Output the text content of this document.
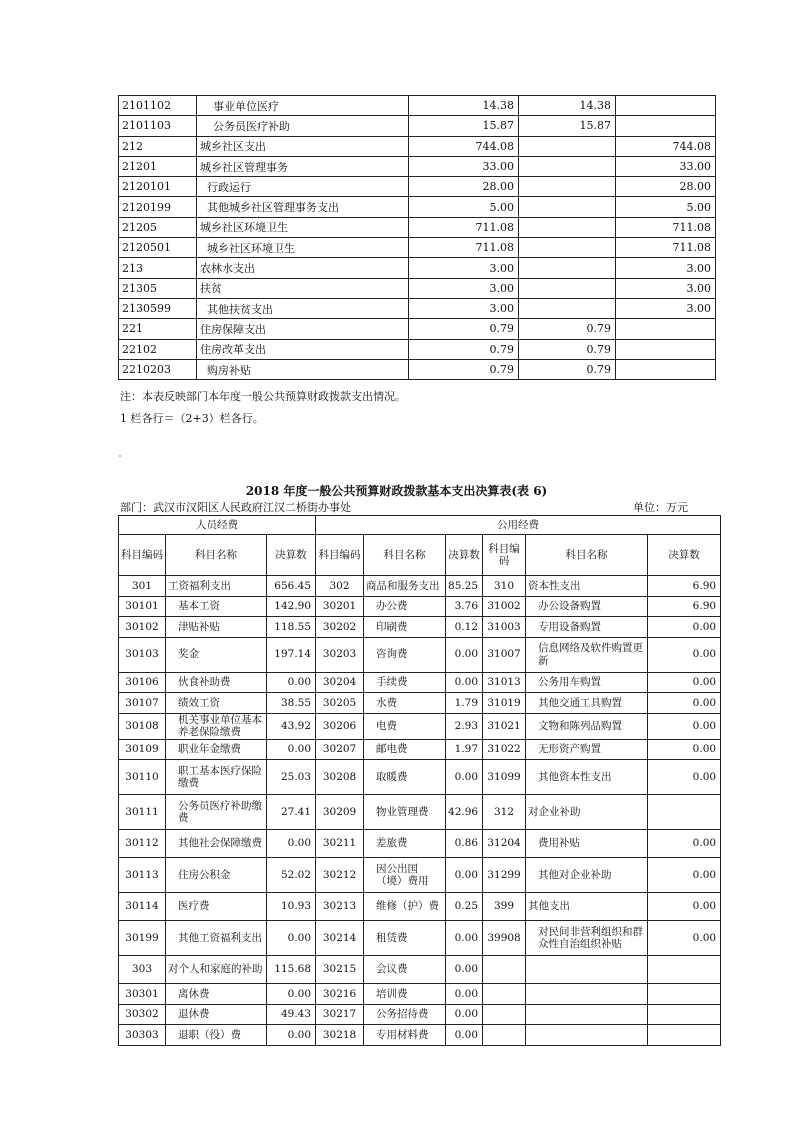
2101102	事业单位医疗	14.38	14.38	
2101103	公务员医疗补助	15.87	15.87	
212	城乡社区支出	744.08		744.08
21201	城乡社区管理事务	33.00		33.00
2120101	行政运行	28.00		28.00
2120199	其他城乡社区管理事务支出	5.00		5.00
21205	城乡社区环境卫生	711.08		711.08
2120501	城乡社区环境卫生	711.08		711.08
213	农林水支出	3.00		3.00
21305	扶贫	3.00		3.00
2130599	其他扶贫支出	3.00		3.00
221	住房保障支出	0.79	0.79	
22102	住房改革支出	0.79	0.79	
2210203	购房补贴	0.79	0.79	
注：本表反映部门本年度一般公共预算财政拨款支出情况。
1 栏各行＝（2+3）栏各行。
2018 年度一般公共预算财政拨款基本支出决算表(表 6)
部门：武汉市汉阳区人民政府江汉二桥街办事处	单位：万元
人员经费			公用经费					
科目编码	科目名称	决算数	科目编码	科目名称	决算数	科目编码	科目名称	决算数
301	工资福利支出	656.45	302	商品和服务支出	85.25	310	资本性支出	6.90
30101	基本工资	142.90	30201	办公费	3.76	31002	办公设备购置	6.90
30102	津贴补贴	118.55	30202	印刷费	0.12	31003	专用设备购置	0.00
30103	奖金	197.14	30203	咨询费	0.00	31007	信息网络及软件购置更新	0.00
30106	伙食补助费	0.00	30204	手续费	0.00	31013	公务用车购置	0.00
30107	绩效工资	38.55	30205	水费	1.79	31019	其他交通工具购置	0.00
30108	机关事业单位基本养老保险缴费	43.92	30206	电费	2.93	31021	文物和陈列品购置	0.00
30109	职业年金缴费	0.00	30207	邮电费	1.97	31022	无形资产购置	0.00
30110	职工基本医疗保险缴费	25.03	30208	取暖费	0.00	31099	其他资本性支出	0.00
30111	公务员医疗补助缴费	27.41	30209	物业管理费	42.96	312	对企业补助	
30112	其他社会保障缴费	0.00	30211	差旅费	0.86	31204	费用补贴	0.00
30113	住房公积金	52.02	30212	因公出国（境）费用	0.00	31299	其他对企业补助	0.00
30114	医疗费	10.93	30213	维修（护）费	0.25	399	其他支出	0.00
30199	其他工资福利支出	0.00	30214	租赁费	0.00	39908	对民间非营利组织和群众性自治组织补贴	0.00
303	对个人和家庭的补助	115.68	30215	会议费	0.00			
30301	离休费	0.00	30216	培训费	0.00			
30302	退休费	49.43	30217	公务招待费	0.00			
30303	退职（役）费	0.00	30218	专用材料费	0.00			
